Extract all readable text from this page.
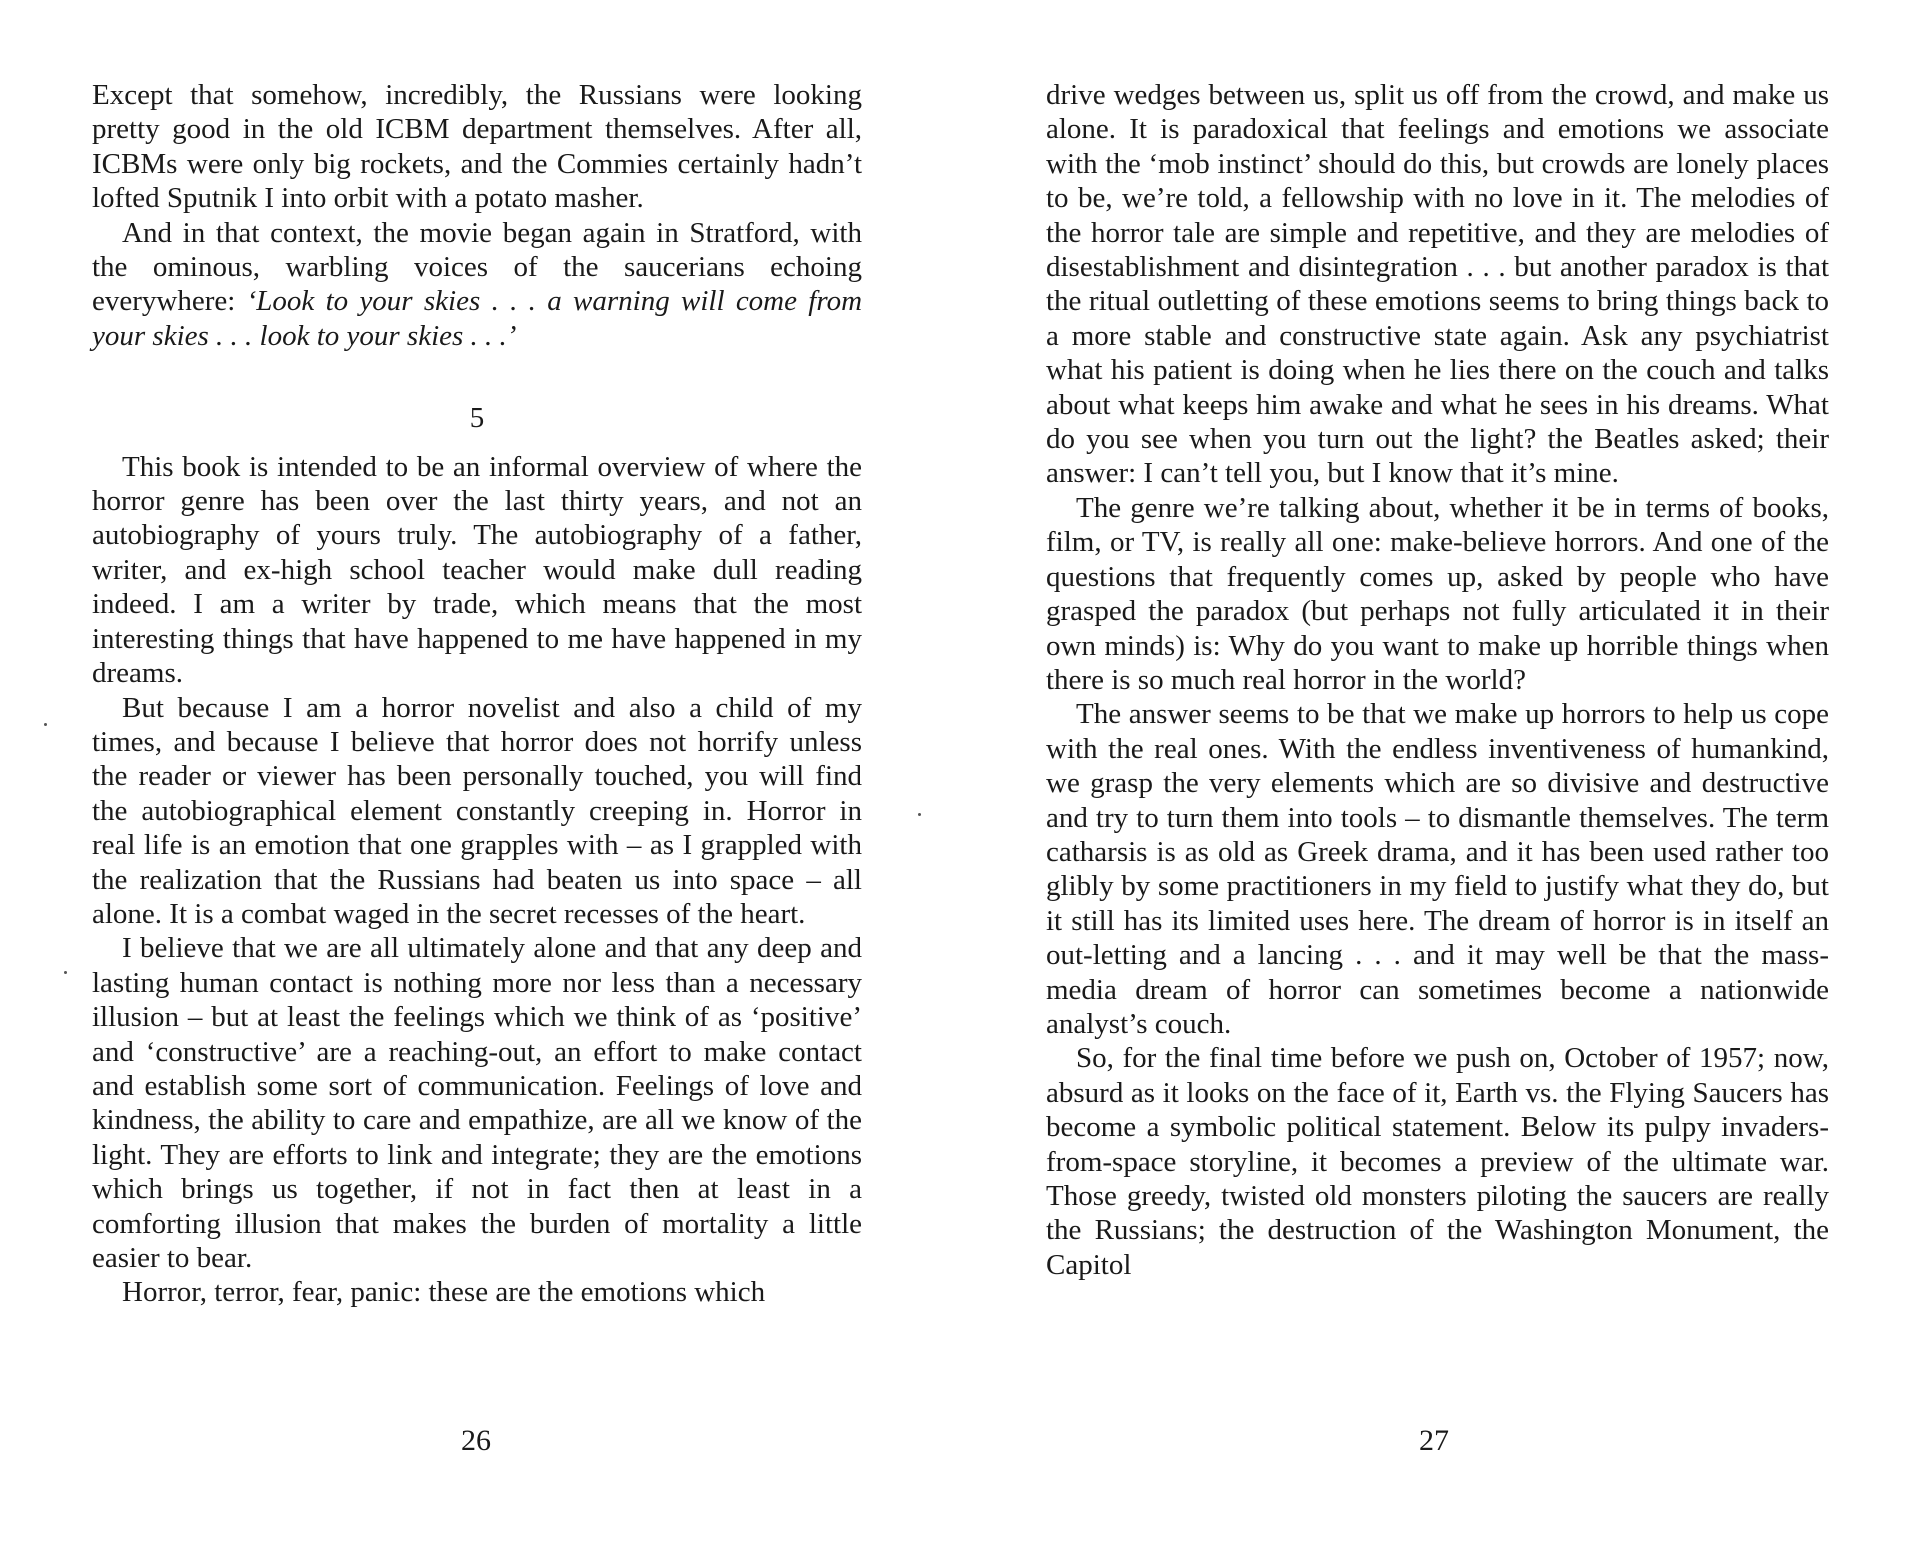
Except that somehow, incredibly, the Russians were looking pretty good in the old ICBM department themselves. After all, ICBMs were only big rockets, and the Commies certainly hadn’t lofted Sputnik I into orbit with a potato masher.

And in that context, the movie began again in Stratford, with the ominous, warbling voices of the saucerians echoing everywhere: ‘Look to your skies . . . a warning will come from your skies . . . look to your skies . . .’

5

This book is intended to be an informal overview of where the horror genre has been over the last thirty years, and not an autobiography of yours truly. The autobiography of a father, writer, and ex-high school teacher would make dull reading indeed. I am a writer by trade, which means that the most interesting things that have happened to me have happened in my dreams.

But because I am a horror novelist and also a child of my times, and because I believe that horror does not horrify unless the reader or viewer has been personally touched, you will find the autobiographical element constantly creeping in. Horror in real life is an emotion that one grapples with – as I grappled with the realization that the Russians had beaten us into space – all alone. It is a combat waged in the secret recesses of the heart.

I believe that we are all ultimately alone and that any deep and lasting human contact is nothing more nor less than a necessary illusion – but at least the feelings which we think of as ‘positive’ and ‘constructive’ are a reaching-out, an effort to make contact and establish some sort of communication. Feelings of love and kindness, the ability to care and empathize, are all we know of the light. They are efforts to link and integrate; they are the emotions which brings us together, if not in fact then at least in a comforting illusion that makes the burden of mortality a little easier to bear.

Horror, terror, fear, panic: these are the emotions which

26

drive wedges between us, split us off from the crowd, and make us alone. It is paradoxical that feelings and emotions we associate with the ‘mob instinct’ should do this, but crowds are lonely places to be, we’re told, a fellowship with no love in it. The melodies of the horror tale are simple and repetitive, and they are melodies of disestablishment and disintegration . . . but another paradox is that the ritual outletting of these emotions seems to bring things back to a more stable and constructive state again. Ask any psychiatrist what his patient is doing when he lies there on the couch and talks about what keeps him awake and what he sees in his dreams. What do you see when you turn out the light? the Beatles asked; their answer: I can’t tell you, but I know that it’s mine.

The genre we’re talking about, whether it be in terms of books, film, or TV, is really all one: make-believe horrors. And one of the questions that frequently comes up, asked by people who have grasped the paradox (but perhaps not fully articulated it in their own minds) is: Why do you want to make up horrible things when there is so much real horror in the world?

The answer seems to be that we make up horrors to help us cope with the real ones. With the endless inventiveness of humankind, we grasp the very elements which are so divisive and destructive and try to turn them into tools – to dismantle themselves. The term catharsis is as old as Greek drama, and it has been used rather too glibly by some practitioners in my field to justify what they do, but it still has its limited uses here. The dream of horror is in itself an out-letting and a lancing . . . and it may well be that the mass-media dream of horror can sometimes become a nationwide analyst’s couch.

So, for the final time before we push on, October of 1957; now, absurd as it looks on the face of it, Earth vs. the Flying Saucers has become a symbolic political statement. Below its pulpy invaders-from-space storyline, it becomes a preview of the ultimate war. Those greedy, twisted old monsters piloting the saucers are really the Russians; the destruction of the Washington Monument, the Capitol

27
